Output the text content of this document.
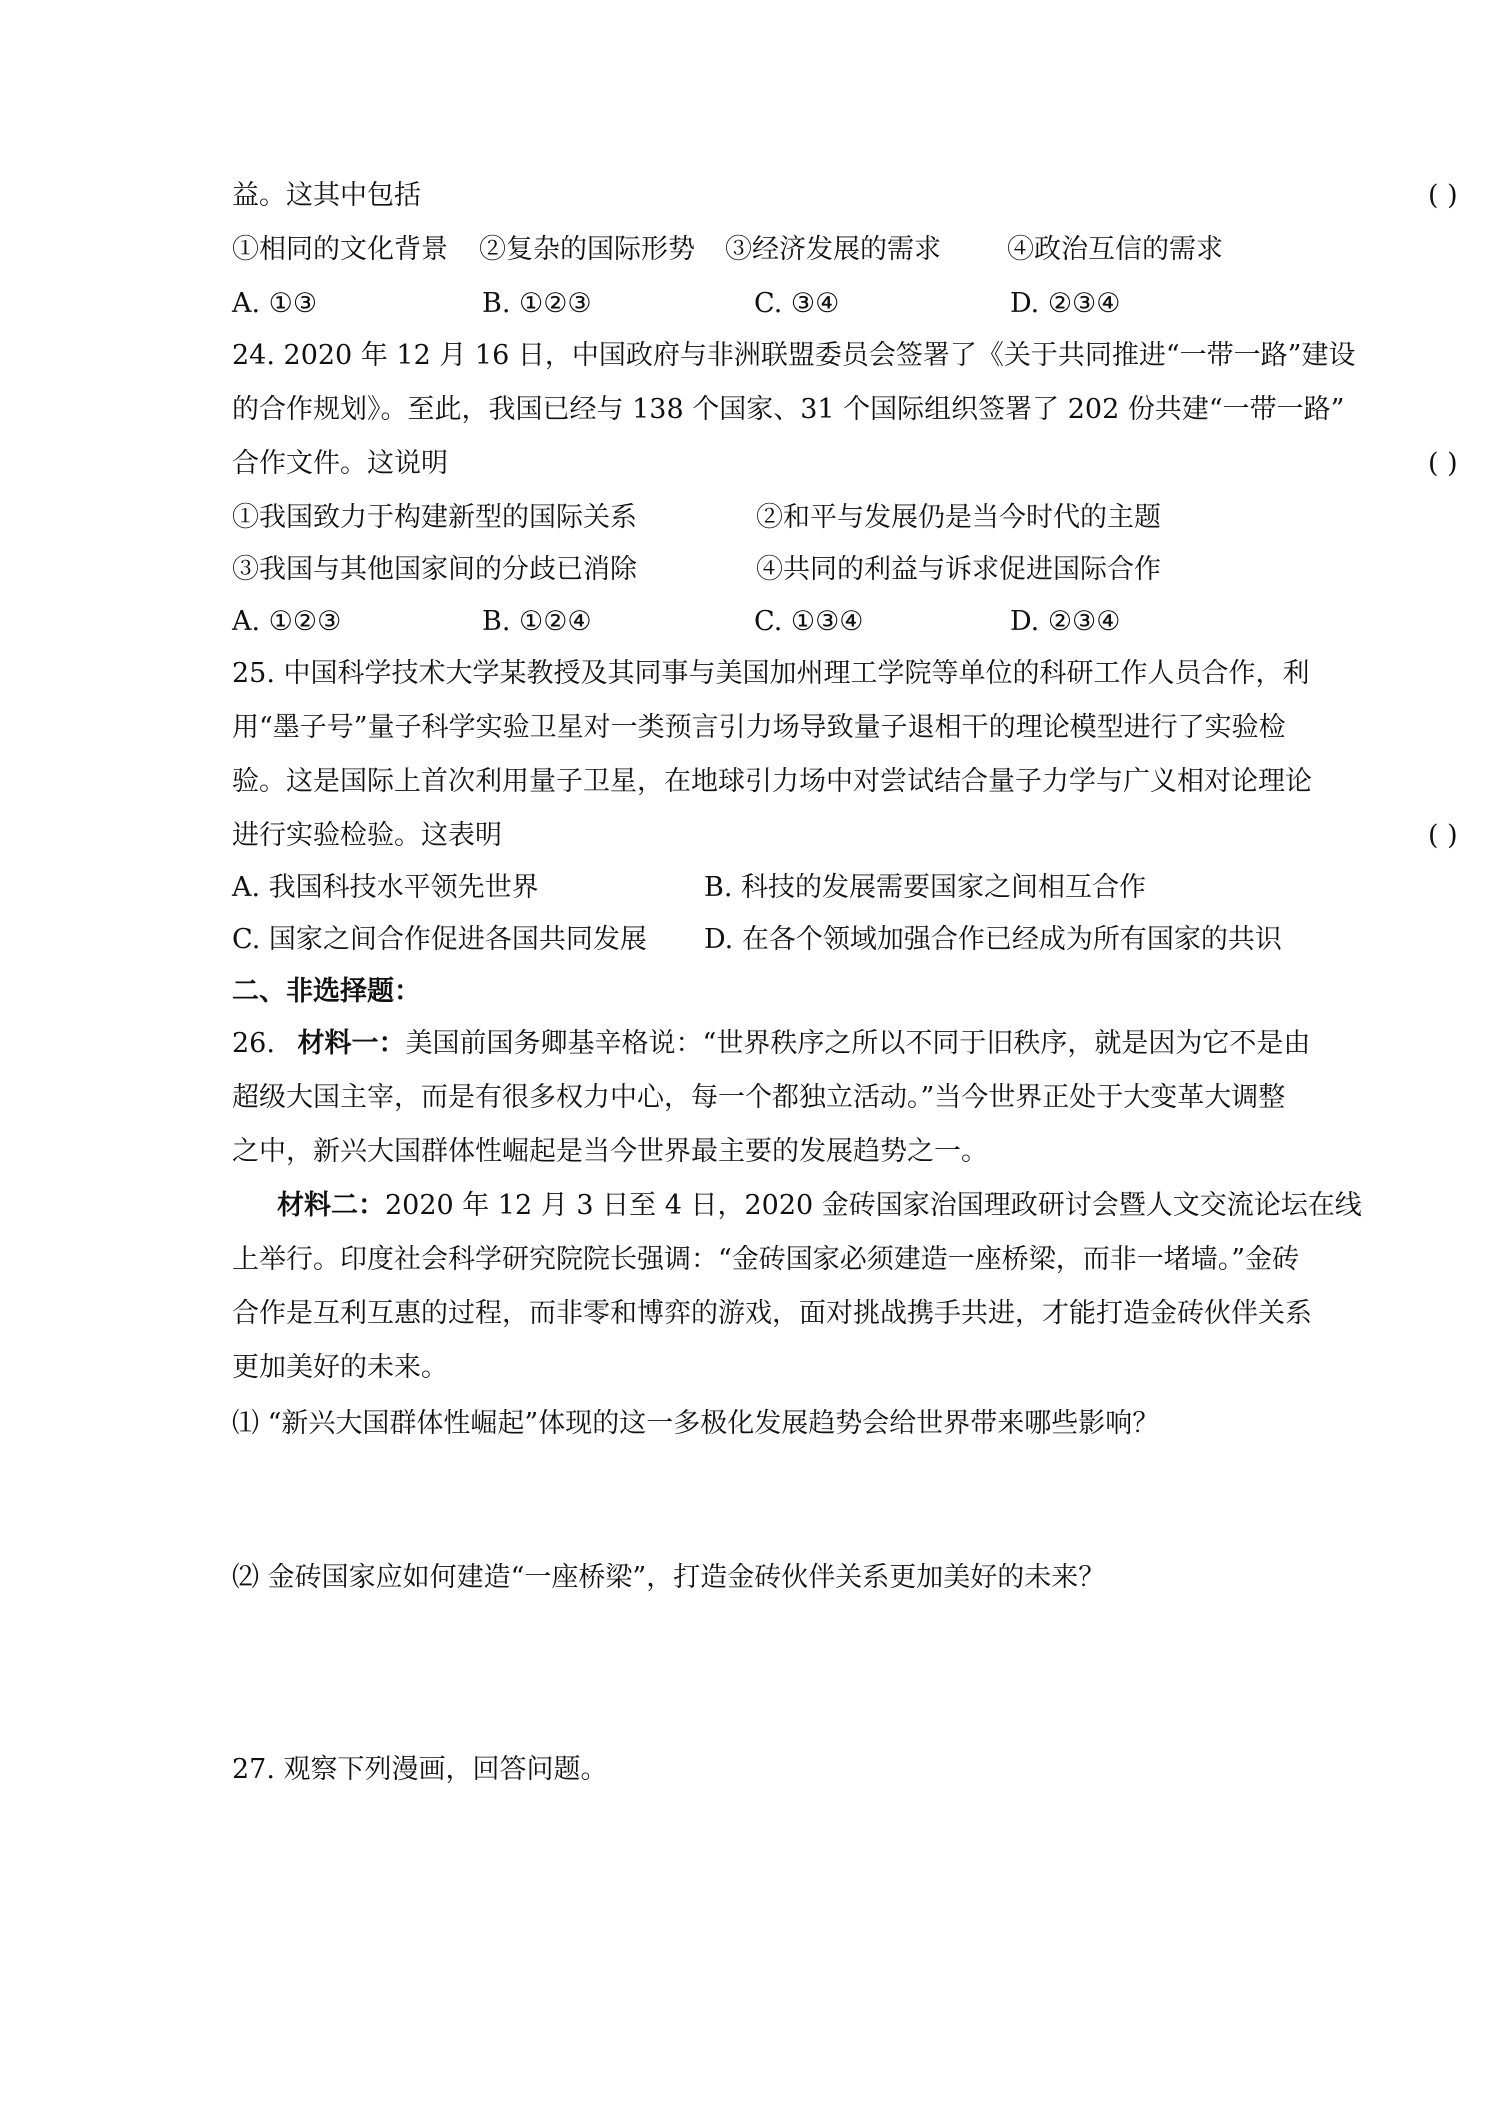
益。这其中包括	( )
①相同的文化背景 ②复杂的国际形势 ③经济发展的需求 ④政治互信的需求
A. ①③	B. ①②③	C. ③④	D. ②③④
24. 2020 年 12 月 16 日，中国政府与非洲联盟委员会签署了《关于共同推进“一带一路”建设
的合作规划》。至此，我国已经与 138 个国家、31 个国际组织签署了 202 份共建“一带一路”
合作文件。这说明	( )
①我国致力于构建新型的国际关系	②和平与发展仍是当今时代的主题
③我国与其他国家间的分歧已消除	④共同的利益与诉求促进国际合作
A. ①②③	B. ①②④	C. ①③④	D. ②③④
25. 中国科学技术大学某教授及其同事与美国加州理工学院等单位的科研工作人员合作，利
用“墨子号”量子科学实验卫星对一类预言引力场导致量子退相干的理论模型进行了实验检
验。这是国际上首次利用量子卫星，在地球引力场中对尝试结合量子力学与广义相对论理论
进行实验检验。这表明	( )
A. 我国科技水平领先世界	B. 科技的发展需要国家之间相互合作
C. 国家之间合作促进各国共同发展 D. 在各个领域加强合作已经成为所有国家的共识
二、非选择题：
26. 材料一：美国前国务卿基辛格说：“世界秩序之所以不同于旧秩序，就是因为它不是由
超级大国主宰，而是有很多权力中心，每一个都独立活动。”当今世界正处于大变革大调整
之中，新兴大国群体性崛起是当今世界最主要的发展趋势之一。
材料二：2020 年 12 月 3 日至 4 日，2020 金砖国家治国理政研讨会暨人文交流论坛在线
上举行。印度社会科学研究院院长强调：“金砖国家必须建造一座桥梁，而非一堵墙。”金砖
合作是互利互惠的过程，而非零和博弈的游戏，面对挑战携手共进，才能打造金砖伙伴关系
更加美好的未来。
⑴ “新兴大国群体性崛起”体现的这一多极化发展趋势会给世界带来哪些影响？
⑵ 金砖国家应如何建造“一座桥梁”，打造金砖伙伴关系更加美好的未来？
27. 观察下列漫画，回答问题。
